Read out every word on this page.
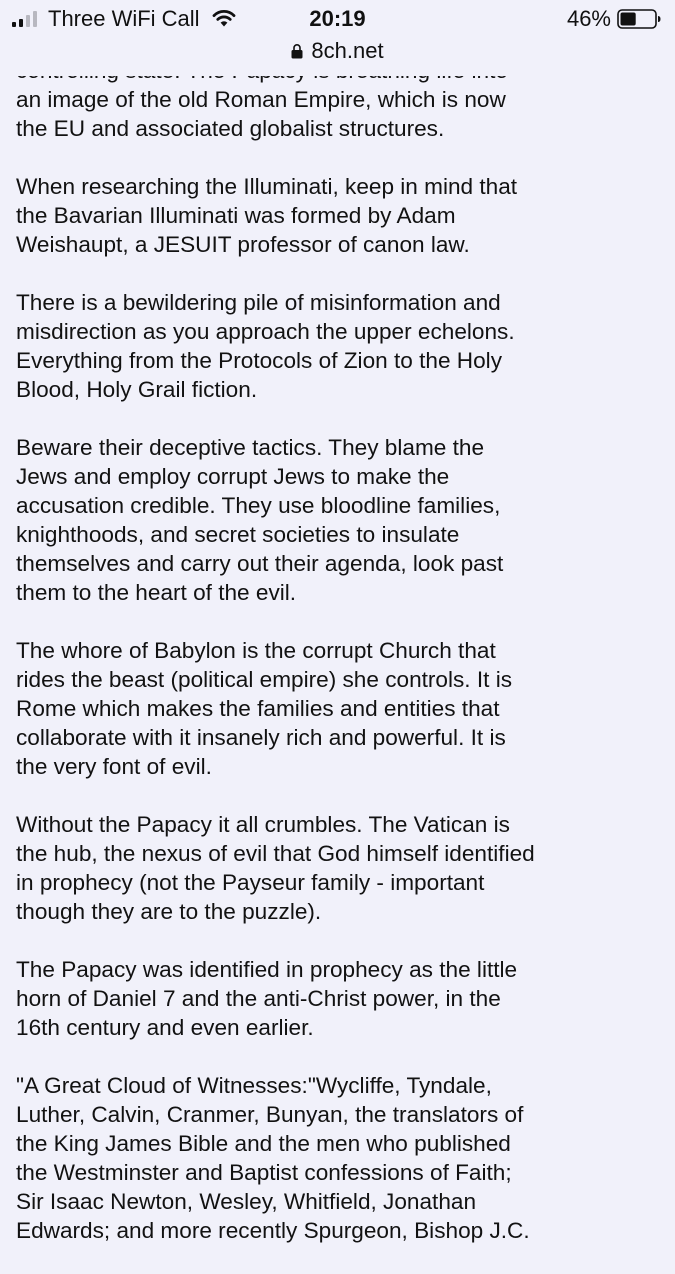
Three WiFi Call	20:19	46%
8ch.net

an image of the old Roman Empire, which is now
the EU and associated globalist structures.

When researching the Illuminati, keep in mind that
the Bavarian Illuminati was formed by Adam
Weishaupt, a JESUIT professor of canon law.

There is a bewildering pile of misinformation and
misdirection as you approach the upper echelons.
Everything from the Protocols of Zion to the Holy
Blood, Holy Grail fiction.

Beware their deceptive tactics. They blame the
Jews and employ corrupt Jews to make the
accusation credible. They use bloodline families,
knighthoods, and secret societies to insulate
themselves and carry out their agenda, look past
them to the heart of the evil.

The whore of Babylon is the corrupt Church that
rides the beast (political empire) she controls. It is
Rome which makes the families and entities that
collaborate with it insanely rich and powerful. It is
the very font of evil.

Without the Papacy it all crumbles. The Vatican is
the hub, the nexus of evil that God himself identified
in prophecy (not the Payseur family - important
though they are to the puzzle).

The Papacy was identified in prophecy as the little
horn of Daniel 7 and the anti-Christ power, in the
16th century and even earlier.

"A Great Cloud of Witnesses:"Wycliffe, Tyndale,
Luther, Calvin, Cranmer, Bunyan, the translators of
the King James Bible and the men who published
the Westminster and Baptist confessions of Faith;
Sir Isaac Newton, Wesley, Whitfield, Jonathan
Edwards; and more recently Spurgeon, Bishop J.C.
